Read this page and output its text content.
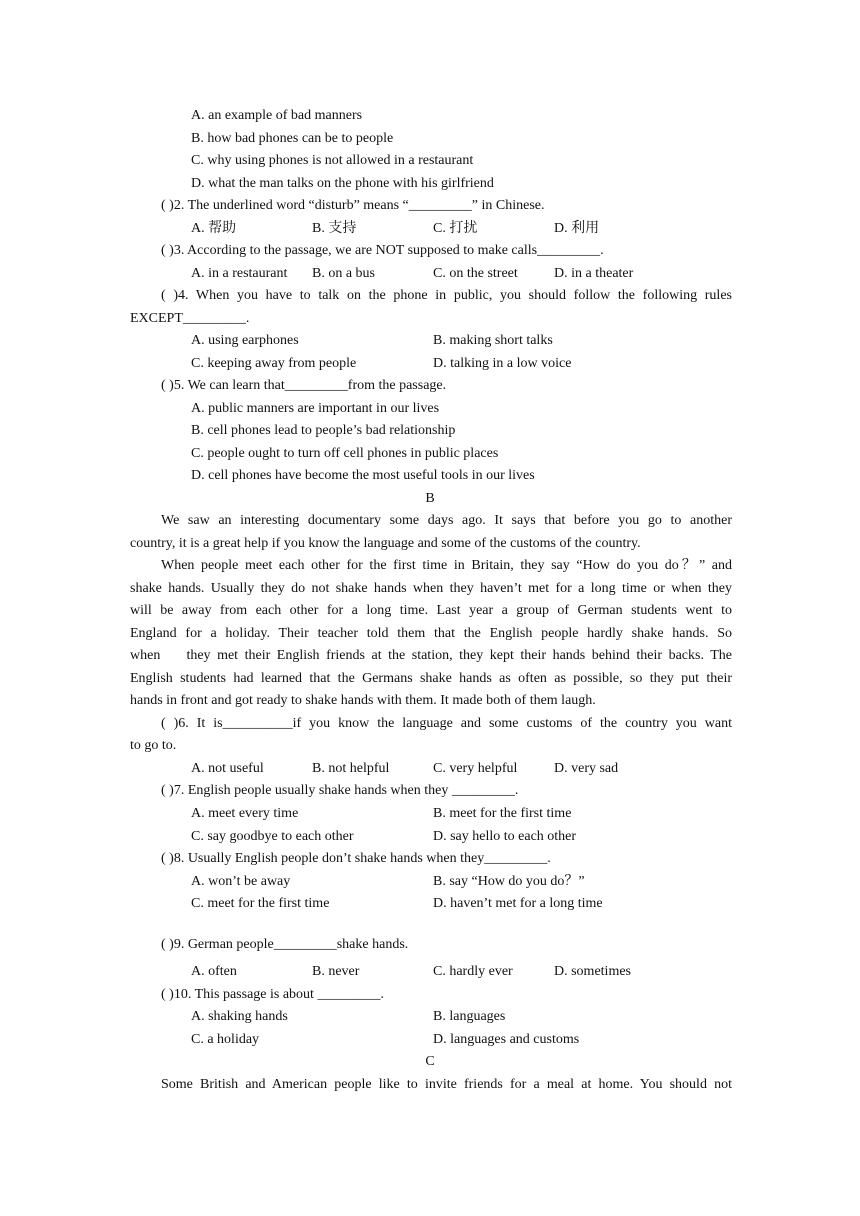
A. an example of bad manners
B. how bad phones can be to people
C. why using phones is not allowed in a restaurant
D. what the man talks on the phone with his girlfriend
( )2. The underlined word “disturb” means “_________” in Chinese.
A. 帮助	B. 支持	C. 打扰	D. 利用
( )3. According to the passage, we are NOT supposed to make calls_________.
A. in a restaurant B. on a bus	C. on the street	D. in a theater
( )4. When you have to talk on the phone in public, you should follow the following rules
EXCEPT_________.
A. using earphones	B. making short talks
C. keeping away from people	D. talking in a low voice
( )5. We can learn that_________from the passage.
A. public manners are important in our lives
B. cell phones lead to people’s bad relationship
C. people ought to turn off cell phones in public places
D. cell phones have become the most useful tools in our lives
B
We saw an interesting documentary some days ago. It says that before you go to another
country, it is a great help if you know the language and some of the customs of the country.
When people meet each other for the first time in Britain, they say “How do you do？” and
shake hands. Usually they do not shake hands when they haven’t met for a long time or when they
will be away from each other for a long time. Last year a group of German students went to
England for a holiday. Their teacher told them that the English people hardly shake hands. So
when    they met their English friends at the station, they kept their hands behind their backs. The
English students had learned that the Germans shake hands as often as possible, so they put their
hands in front and got ready to shake hands with them. It made both of them laugh.
( )6. It is__________if you know the language and some customs of the country you want
to go to.
A. not useful	B. not helpful	C. very helpful	D. very sad
( )7. English people usually shake hands when they _________.
A. meet every time	B. meet for the first time
C. say goodbye to each other	D. say hello to each other
( )8. Usually English people don’t shake hands when they_________.
A. won’t be away	B. say “How do you do？”
C. meet for the first time	D. haven’t met for a long time
( )9. German people_________shake hands.
A. often	B. never	C. hardly ever	D. sometimes
( )10. This passage is about _________.
A. shaking hands	B. languages
C. a holiday	D. languages and customs
C
Some British and American people like to invite friends for a meal at home. You should not
